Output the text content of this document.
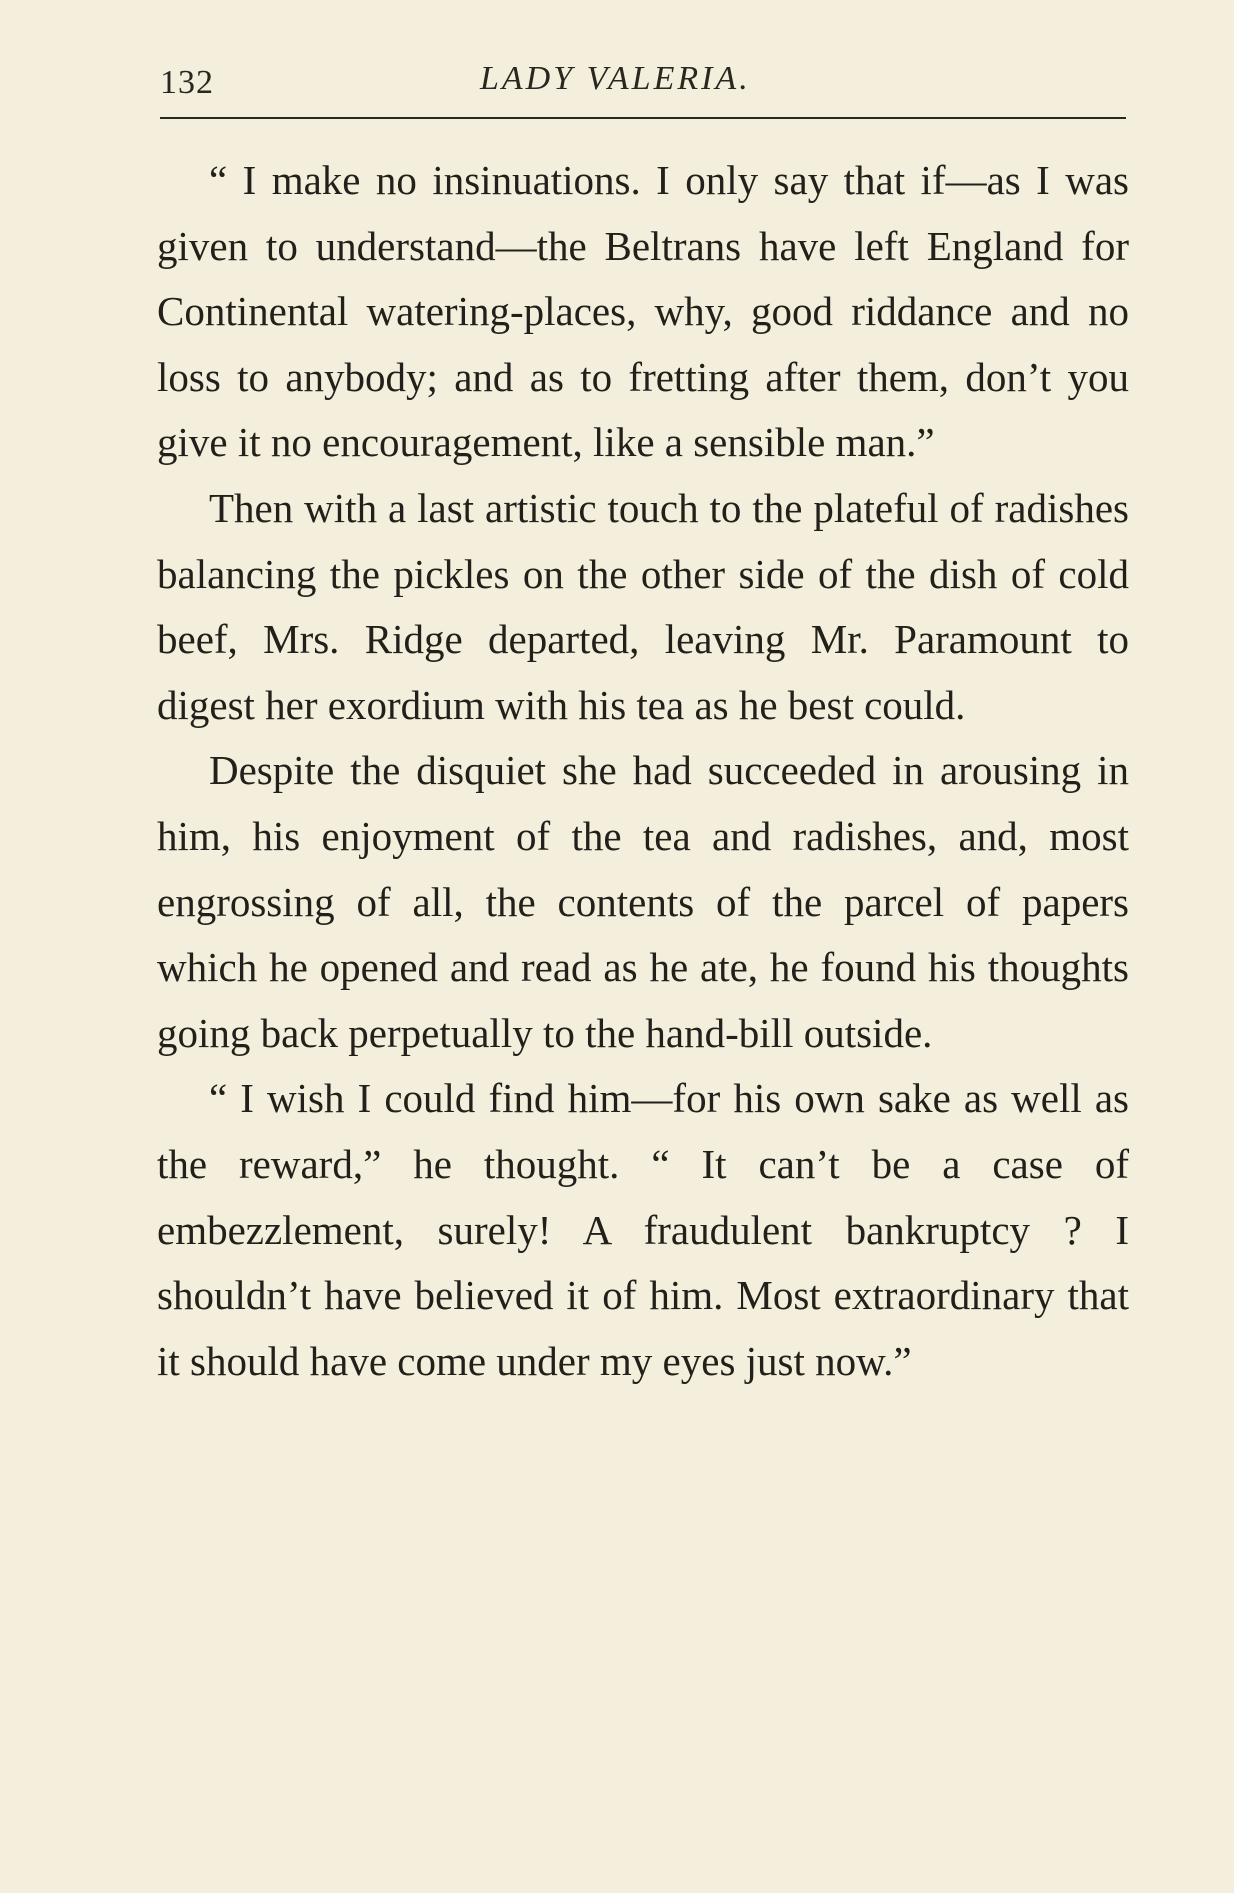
132	LADY VALERIA.

“ I make no insinuations. I only say that if—as I was given to understand—the Beltrans have left England for Continental watering-places, why, good riddance and no loss to anybody; and as to fretting after them, don’t you give it no encouragement, like a sensible man.”

Then with a last artistic touch to the plateful of radishes balancing the pickles on the other side of the dish of cold beef, Mrs. Ridge departed, leaving Mr. Paramount to digest her exordium with his tea as he best could.

Despite the disquiet she had succeeded in arousing in him, his enjoyment of the tea and radishes, and, most engrossing of all, the contents of the parcel of papers which he opened and read as he ate, he found his thoughts going back perpetually to the hand-bill outside.

“ I wish I could find him—for his own sake as well as the reward,” he thought. “ It can’t be a case of embezzlement, surely! A fraudulent bankruptcy ? I shouldn’t have believed it of him. Most extraordinary that it should have come under my eyes just now.”
